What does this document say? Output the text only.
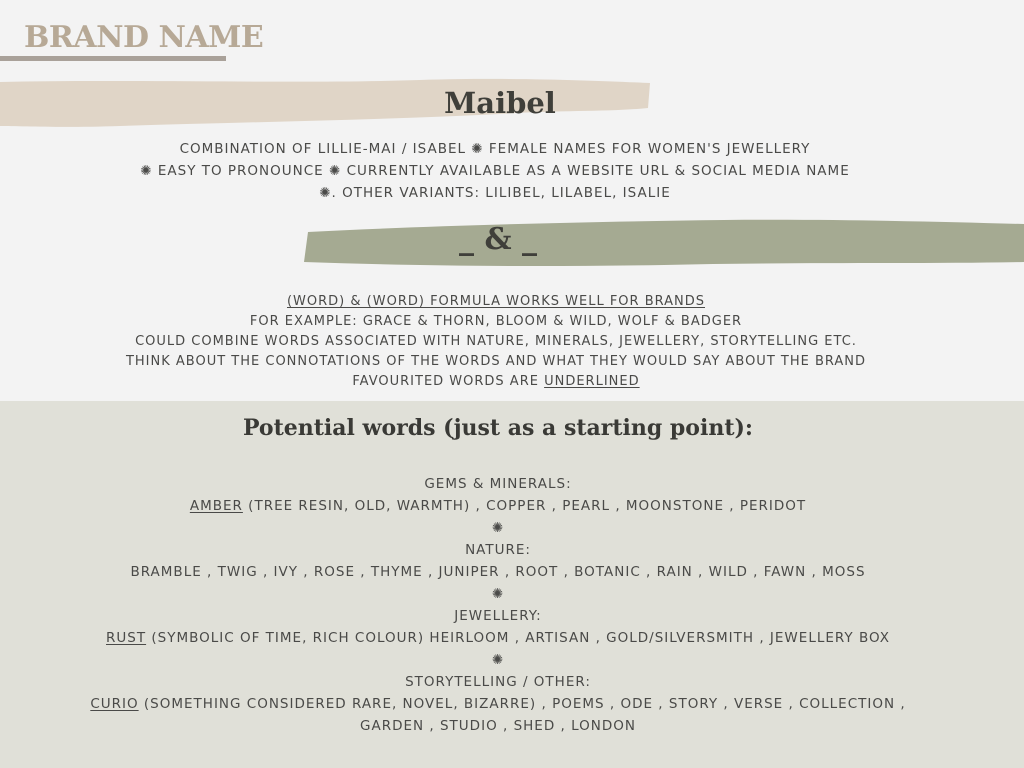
BRAND NAME
Maibel
COMBINATION OF LILLIE-MAI / ISABEL ✺ FEMALE NAMES FOR WOMEN'S JEWELLERY
✺ EASY TO PRONOUNCE ✺ CURRENTLY AVAILABLE AS A WEBSITE URL & SOCIAL MEDIA NAME
✺. OTHER VARIANTS: LILIBEL, LILABEL, ISALIE
_ & _
(WORD) & (WORD) FORMULA WORKS WELL FOR BRANDS
FOR EXAMPLE: GRACE & THORN, BLOOM & WILD, WOLF & BADGER
COULD COMBINE WORDS ASSOCIATED WITH NATURE, MINERALS, JEWELLERY, STORYTELLING ETC.
THINK ABOUT THE CONNOTATIONS OF THE WORDS AND WHAT THEY WOULD SAY ABOUT THE BRAND
FAVOURITED WORDS ARE UNDERLINED
Potential words (just as a starting point):
GEMS & MINERALS:
AMBER (TREE RESIN, OLD, WARMTH) , COPPER , PEARL , MOONSTONE , PERIDOT
✺
NATURE:
BRAMBLE , TWIG , IVY , ROSE , THYME , JUNIPER , ROOT , BOTANIC , RAIN , WILD , FAWN , MOSS
✺
JEWELLERY:
RUST (SYMBOLIC OF TIME, RICH COLOUR) HEIRLOOM , ARTISAN , GOLD/SILVERSMITH , JEWELLERY BOX
✺
STORYTELLING / OTHER:
CURIO (SOMETHING CONSIDERED RARE, NOVEL, BIZARRE) , POEMS , ODE , STORY , VERSE , COLLECTION ,
GARDEN , STUDIO , SHED , LONDON
